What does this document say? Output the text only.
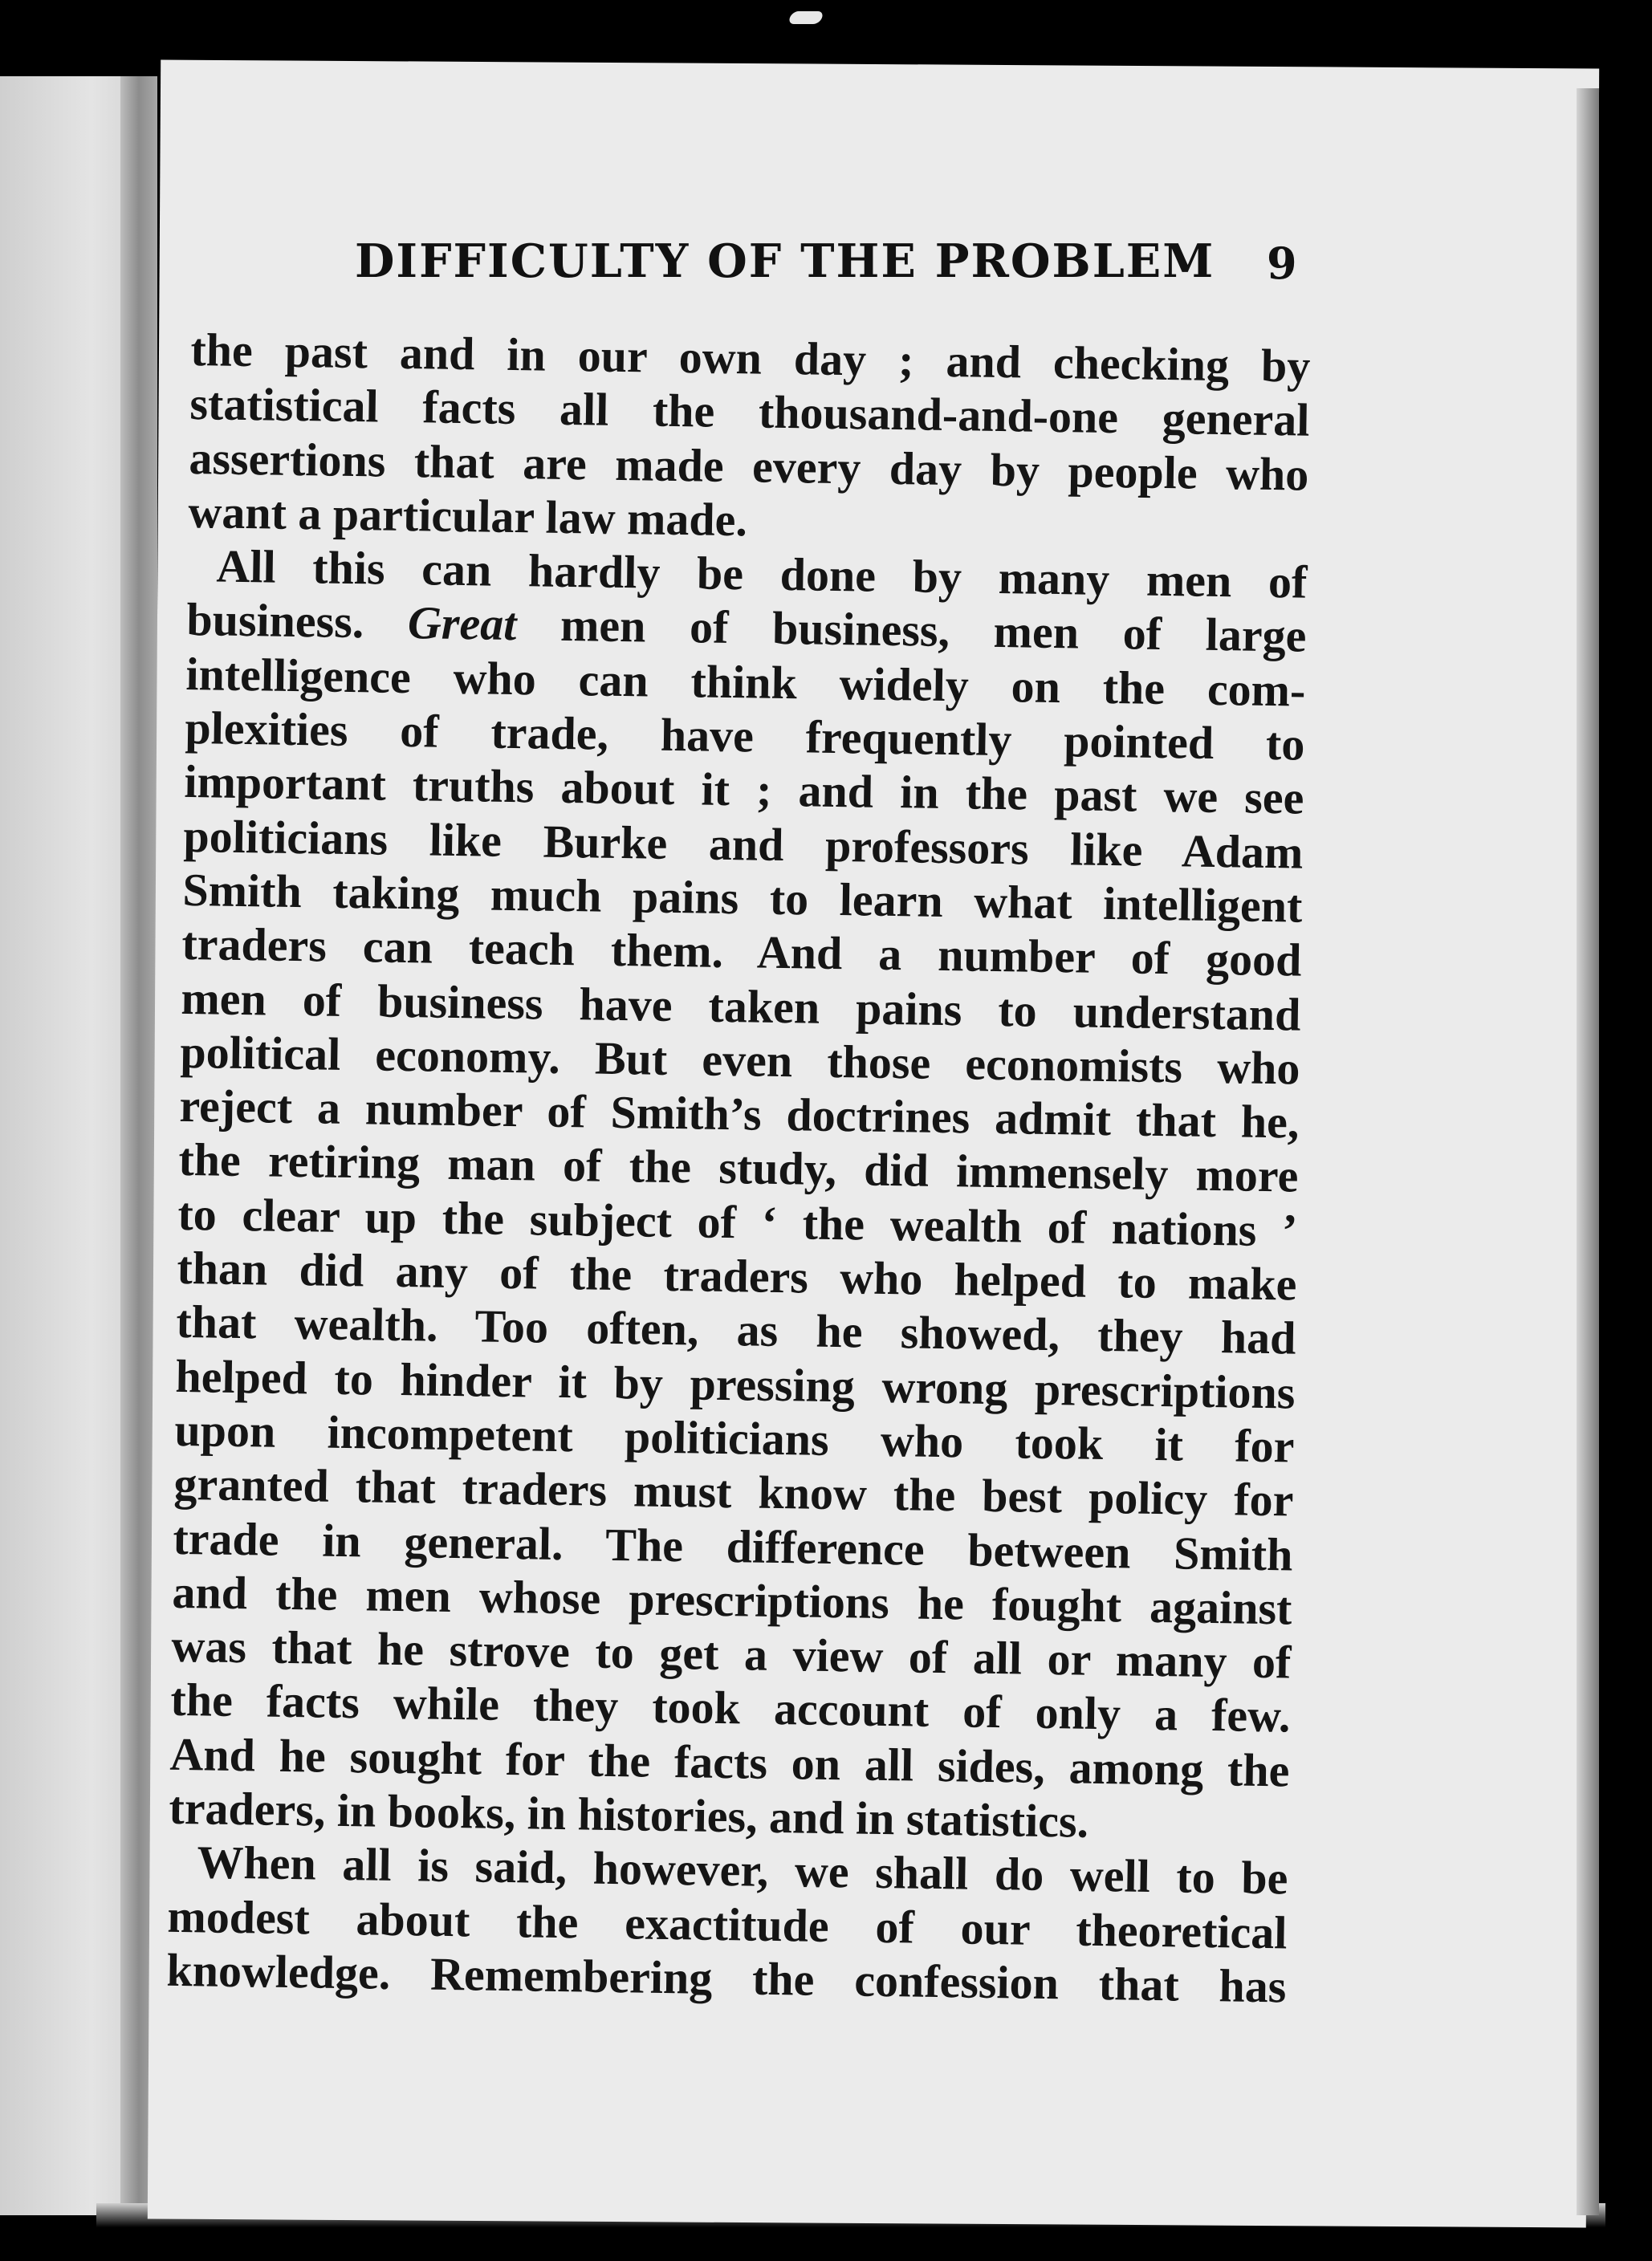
DIFFICULTY OF THE PROBLEM	9
the past and in our own day ; and checking by
statistical facts all the thousand-and-one general
assertions that are made every day by people who
want a particular law made.
All this can hardly be done by many men of
business. Great men of business, men of large
intelligence who can think widely on the com-
plexities of trade, have frequently pointed to
important truths about it ; and in the past we see
politicians like Burke and professors like Adam
Smith taking much pains to learn what intelligent
traders can teach them. And a number of good
men of business have taken pains to understand
political economy. But even those economists who
reject a number of Smith’s doctrines admit that he,
the retiring man of the study, did immensely more
to clear up the subject of ‘ the wealth of nations ’
than did any of the traders who helped to make
that wealth. Too often, as he showed, they had
helped to hinder it by pressing wrong prescriptions
upon incompetent politicians who took it for
granted that traders must know the best policy for
trade in general. The difference between Smith
and the men whose prescriptions he fought against
was that he strove to get a view of all or many of
the facts while they took account of only a few.
And he sought for the facts on all sides, among the
traders, in books, in histories, and in statistics.
When all is said, however, we shall do well to be
modest about the exactitude of our theoretical
knowledge. Remembering the confession that has
